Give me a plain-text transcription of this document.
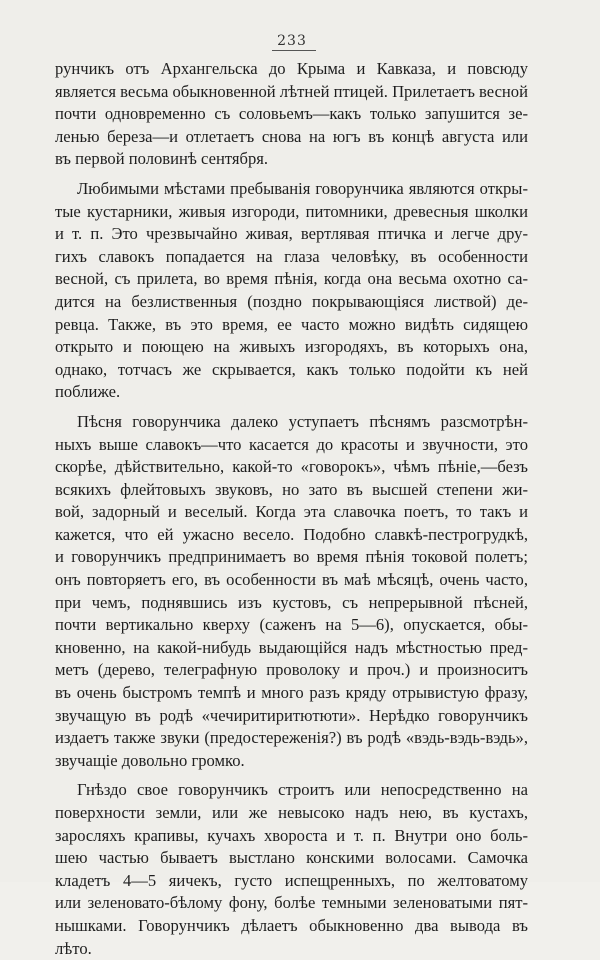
233
рунчикъ отъ Архангельска до Крыма и Кавказа, и повсюду
является весьма обыкновенной лѣтней птицей. Прилетаетъ весной
почти одновременно съ соловьемъ—какъ только запушится зе-
ленью береза—и отлетаетъ снова на югъ въ концѣ августа или
въ первой половинѣ сентября.
Любимыми мѣстами пребыванія говорунчика являются откры-
тые кустарники, живыя изгороди, питомники, древесныя школки
и т. п. Это чрезвычайно живая, вертлявая птичка и легче дру-
гихъ славокъ попадается на глаза человѣку, въ особенности
весной, съ прилета, во время пѣнія, когда она весьма охотно са-
дится на безлиственныя (поздно покрывающіяся листвой) де-
ревца. Также, въ это время, ее часто можно видѣть сидящею
открыто и поющею на живыхъ изгородяхъ, въ которыхъ она,
однако, тотчасъ же скрывается, какъ только подойти къ ней
поближе.
Пѣсня говорунчика далеко уступаетъ пѣснямъ разсмотрѣн-
ныхъ выше славокъ—что касается до красоты и звучности, это
скорѣе, дѣйствительно, какой-то «говорокъ», чѣмъ пѣніе,—безъ
всякихъ флейтовыхъ звуковъ, но зато въ высшей степени жи-
вой, задорный и веселый. Когда эта славочка поетъ, то такъ и
кажется, что ей ужасно весело. Подобно славкѣ-пестрогрудкѣ,
и говорунчикъ предпринимаетъ во время пѣнія токовой полетъ;
онъ повторяетъ его, въ особенности въ маѣ мѣсяцѣ, очень часто,
при чемъ, поднявшись изъ кустовъ, съ непрерывной пѣсней,
почти вертикально кверху (саженъ на 5—6), опускается, обы-
кновенно, на какой-нибудь выдающійся надъ мѣстностью пред-
метъ (дерево, телеграфную проволоку и проч.) и произноситъ
въ очень быстромъ темпѣ и много разъ кряду отрывистую фразу,
звучащую въ родѣ «чечиритиритютюти». Нерѣдко говорунчикъ
издаетъ также звуки (предостереженія?) въ родѣ «вэдь-вэдь-вэдь»,
звучащіе довольно громко.
Гнѣздо свое говорунчикъ строитъ или непосредственно на
поверхности земли, или же невысоко надъ нею, въ кустахъ,
заросляхъ крапивы, кучахъ хвороста и т. п. Внутри оно боль-
шею частью бываетъ выстлано конскими волосами. Самочка
кладетъ 4—5 яичекъ, густо испещренныхъ, по желтоватому
или зеленовато-бѣлому фону, болѣе темными зеленоватыми пят-
нышками. Говорунчикъ дѣлаетъ обыкновенно два вывода въ
лѣто.
